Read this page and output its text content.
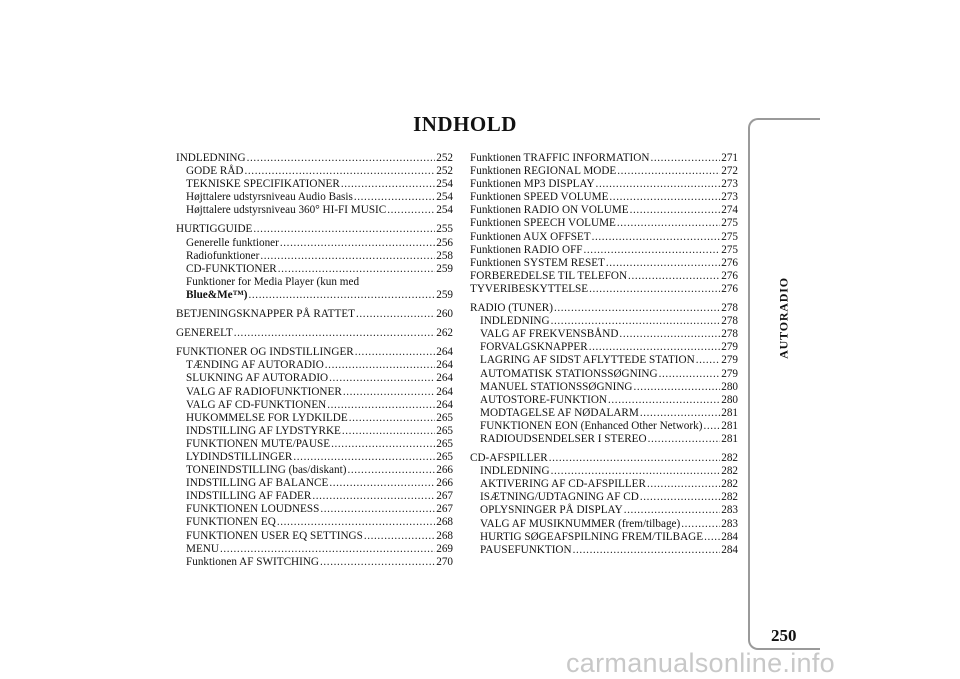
INDHOLD
INDLEDNING .....	252
GODE RÅD .....	252
TEKNISKE SPECIFIKATIONER .....	254
Højttalere udstyrsniveau Audio Basis .....	254
Højttalere udstyrsniveau 360° HI-FI MUSIC .....	254
HURTIGGUIDE .....	255
Generelle funktioner .....	256
Radiofunktioner .....	258
CD-FUNKTIONER .....	259
Funktioner for Media Player (kun med
Blue&Me™) .....	259
BETJENINGSKNAPPER PÅ RATTET .....	260
GENERELT .....	262
FUNKTIONER OG INDSTILLINGER .....	264
TÆNDING AF AUTORADIO .....	264
SLUKNING AF AUTORADIO .....	264
VALG AF RADIOFUNKTIONER .....	264
VALG AF CD-FUNKTIONEN .....	264
HUKOMMELSE FOR LYDKILDE .....	265
INDSTILLING AF LYDSTYRKE .....	265
FUNKTIONEN MUTE/PAUSE .....	265
LYDINDSTILLINGER .....	265
TONEINDSTILLING (bas/diskant) .....	266
INDSTILLING AF BALANCE .....	266
INDSTILLING AF FADER .....	267
FUNKTIONEN LOUDNESS .....	267
FUNKTIONEN EQ .....	268
FUNKTIONEN USER EQ SETTINGS .....	268
MENU .....	269
Funktionen AF SWITCHING .....	270
Funktionen TRAFFIC INFORMATION .....	271
Funktionen REGIONAL MODE .....	272
Funktionen MP3 DISPLAY .....	273
Funktionen SPEED VOLUME .....	273
Funktionen RADIO ON VOLUME .....	274
Funktionen SPEECH VOLUME .....	275
Funktionen AUX OFFSET .....	275
Funktionen RADIO OFF .....	275
Funktionen SYSTEM RESET .....	276
FORBEREDELSE TIL TELEFON .....	276
TYVERIBESKYTTELSE .....	276
RADIO (TUNER) .....	278
INDLEDNING .....	278
VALG AF FREKVENSBÅND .....	278
FORVALGSKNAPPER .....	279
LAGRING AF SIDST AFLYTTEDE STATION ..... 279
AUTOMATISK STATIONSSØGNING .....	279
MANUEL STATIONSSØGNING .....	280
AUTOSTORE-FUNKTION .....	280
MODTAGELSE AF NØDALARM .....	281
FUNKTIONEN EON (Enhanced Other Network) ..... 281
RADIOUDSENDELSER I STEREO .....	281
CD-AFSPILLER .....	282
INDLEDNING .....	282
AKTIVERING AF CD-AFSPILLER .....	282
ISÆTNING/UDTAGNING AF CD .....	282
OPLYSNINGER PÅ DISPLAY .....	283
VALG AF MUSIKNUMMER (frem/tilbage) .....	283
HURTIG SØGEAFSPILNING FREM/TILBAGE ..... 284
PAUSEFUNKTION .....	284
AUTORADIO
250
carmanualsonline.info
